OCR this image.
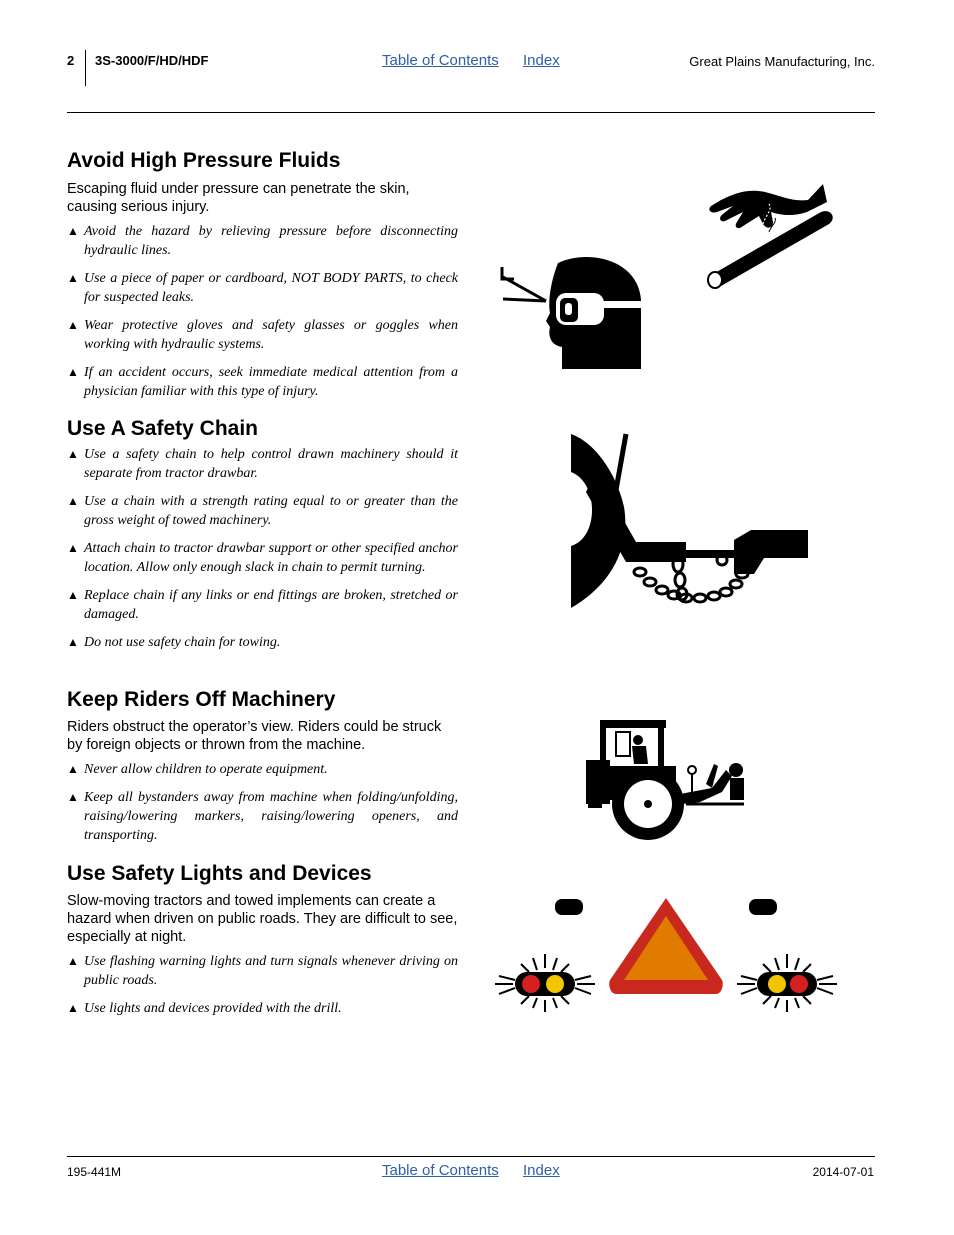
2 3S-3000/F/HD/HDF	Table of Contents Index	Great Plains Manufacturing, Inc.
Avoid High Pressure Fluids

Escaping fluid under pressure can penetrate the skin, causing serious injury.

▲ Avoid the hazard by relieving pressure before disconnecting hydraulic lines.
▲ Use a piece of paper or cardboard, NOT BODY PARTS, to check for suspected leaks.
▲ Wear protective gloves and safety glasses or goggles when working with hydraulic systems.
▲ If an accident occurs, seek immediate medical attention from a physician familiar with this type of injury.
Use A Safety Chain
▲ Use a safety chain to help control drawn machinery should it separate from tractor drawbar.
▲ Use a chain with a strength rating equal to or greater than the gross weight of towed machinery.
▲ Attach chain to tractor drawbar support or other specified anchor location. Allow only enough slack in chain to permit turning.
▲ Replace chain if any links or end fittings are broken, stretched or damaged.
▲ Do not use safety chain for towing.
Keep Riders Off Machinery

Riders obstruct the operator’s view. Riders could be struck by foreign objects or thrown from the machine.

▲ Never allow children to operate equipment.
▲ Keep all bystanders away from machine when folding/unfolding, raising/lowering markers, raising/lowering openers, and transporting.
Use Safety Lights and Devices

Slow-moving tractors and towed implements can create a hazard when driven on public roads. They are difficult to see, especially at night.

▲ Use flashing warning lights and turn signals whenever driving on public roads.
▲ Use lights and devices provided with the drill.
195-441M	Table of Contents Index	2014-07-01
